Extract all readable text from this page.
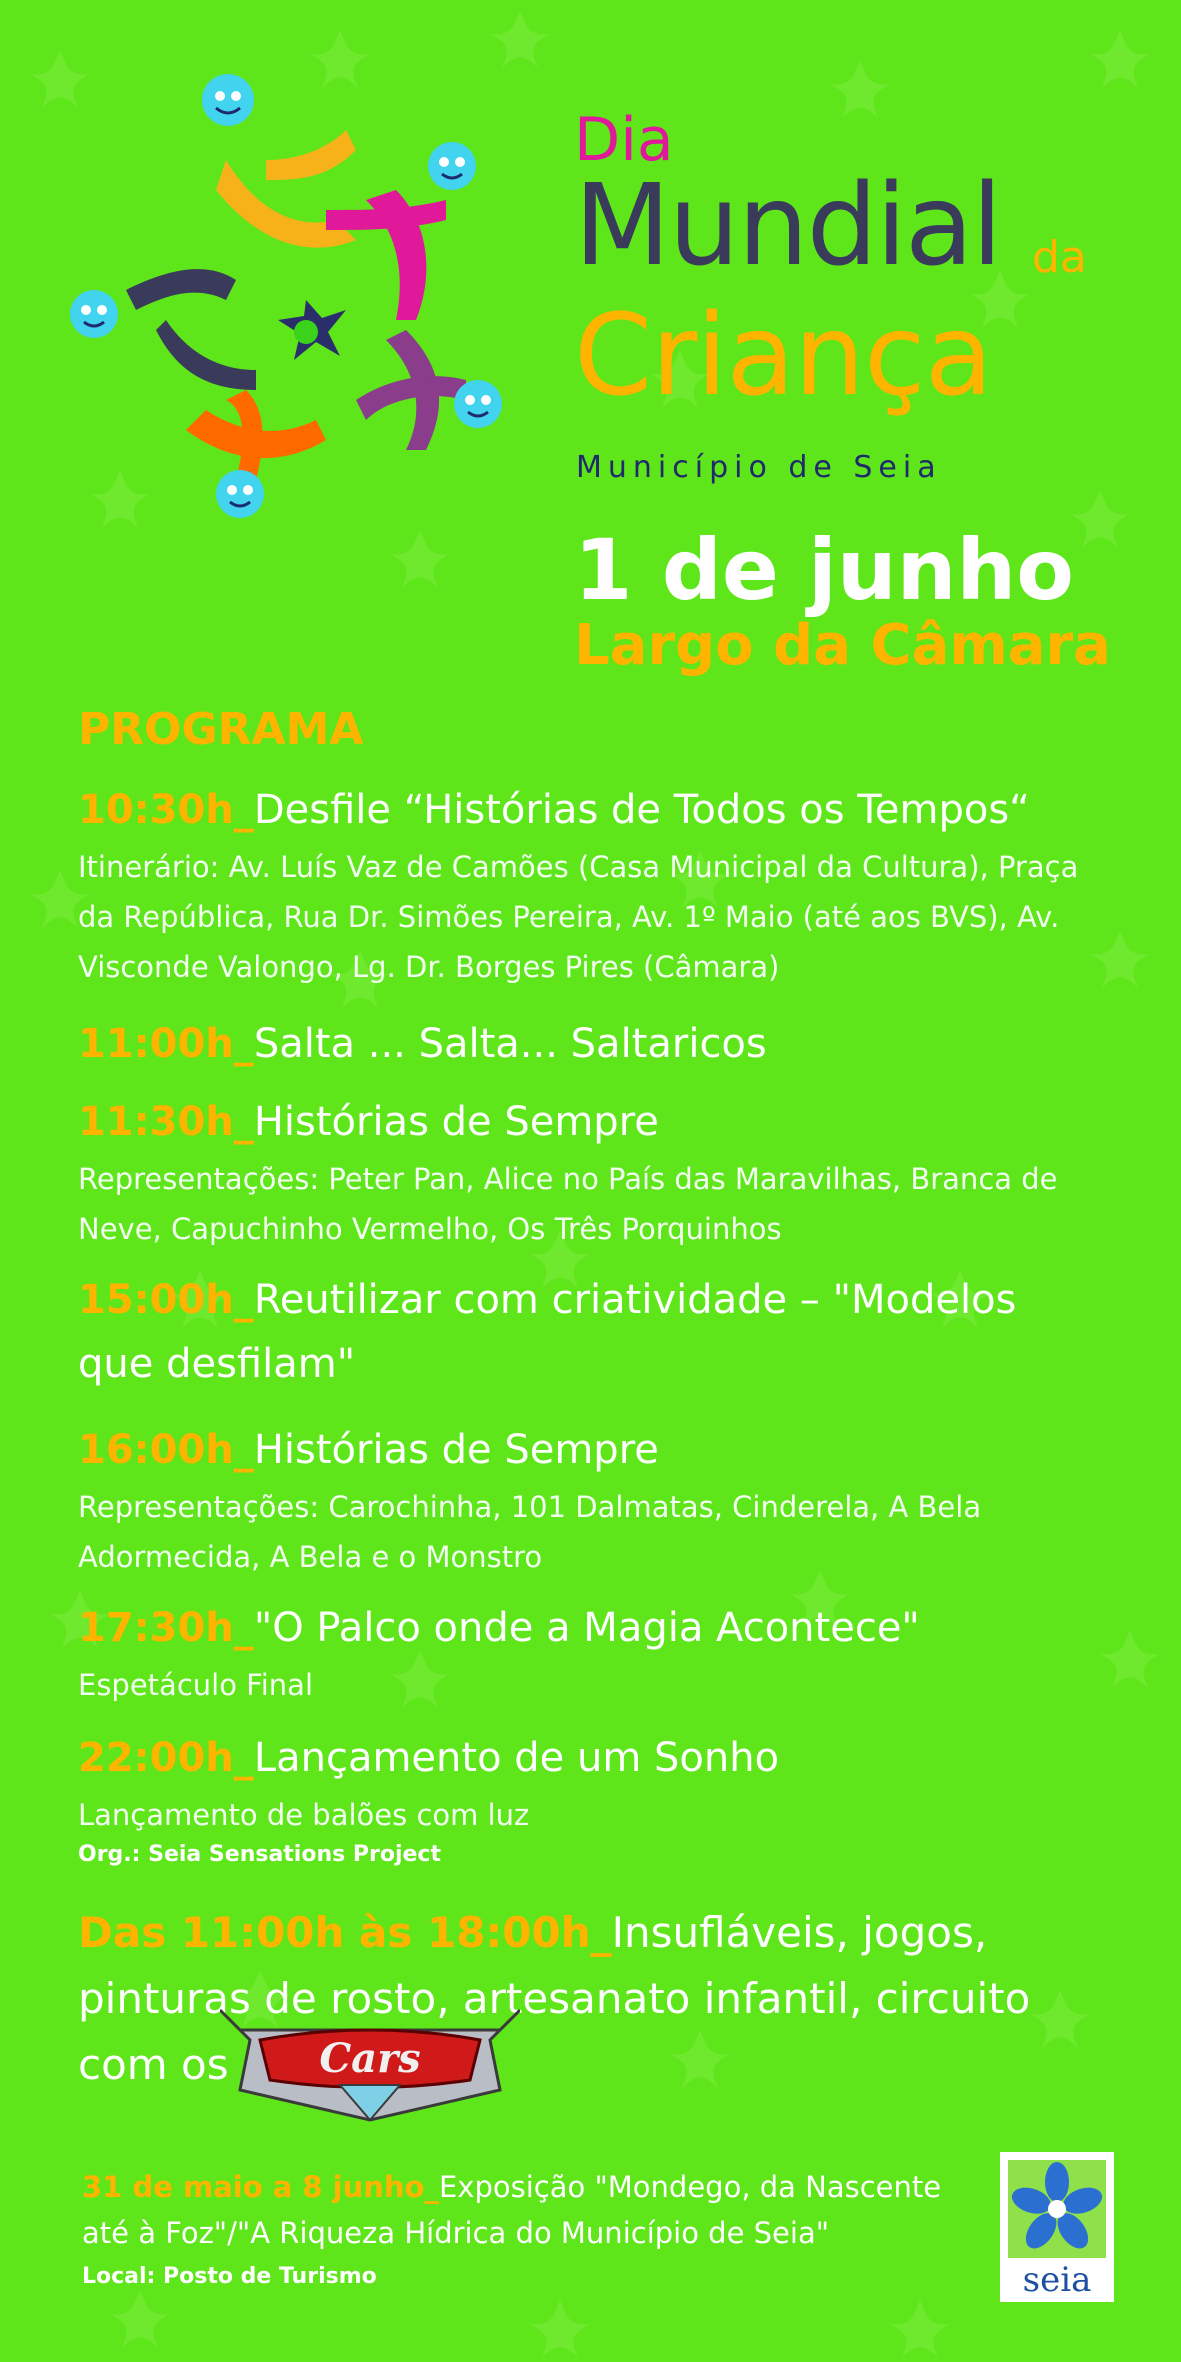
Dia
Mundial da
Criança
Município de Seia
1 de junho
Largo da Câmara
PROGRAMA
10:30h_Desfile “Histórias de Todos os Tempos“
Itinerário: Av. Luís Vaz de Camões (Casa Municipal da Cultura), Praça da República, Rua Dr. Simões Pereira, Av. 1º Maio (até aos BVS), Av. Visconde Valongo, Lg. Dr. Borges Pires (Câmara)
11:00h_Salta ... Salta... Saltaricos
11:30h_Histórias de Sempre
Representações: Peter Pan, Alice no País das Maravilhas, Branca de Neve, Capuchinho Vermelho, Os Três Porquinhos
15:00h_Reutilizar com criatividade – "Modelos que desfilam"
16:00h_Histórias de Sempre
Representações: Carochinha, 101 Dalmatas, Cinderela, A Bela Adormecida, A Bela e o Monstro
17:30h_"O Palco onde a Magia Acontece"
Espetáculo Final
22:00h_Lançamento de um Sonho
Lançamento de balões com luz
Org.: Seia Sensations Project
Das 11:00h às 18:00h_Insufláveis, jogos, pinturas de rosto, artesanato infantil, circuito com os	Cars
31 de maio a 8 junho_Exposição "Mondego, da Nascente até à Foz"/"A Riqueza Hídrica do Município de Seia"
Local: Posto de Turismo	seia
